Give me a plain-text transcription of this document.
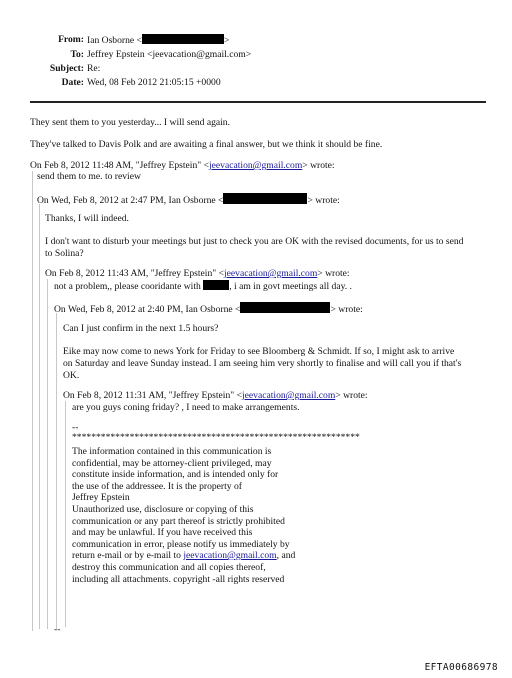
From: Ian Osborne <	>
To: Jeffrey Epstein <jeevacation@gmail.com>
Subject: Re:
Date: Wed, 08 Feb 2012 21:05:15 +0000
They sent them to you yesterday... I will send again.
They've talked to Davis Polk and are awaiting a final answer, but we think it should be fine.
On Feb 8, 2012 11:48 AM, "Jeffrey Epstein" <jeevacation@gmail.com> wrote:
send them to me. to review
On Wed, Feb 8, 2012 at 2:47 PM, Ian Osborne <	> wrote:
Thanks, I will indeed.
I don't want to disturb your meetings but just to check you are OK with the revised documents, for us to send
to Solina?
On Feb 8, 2012 11:43 AM, "Jeffrey Epstein" <jeevacation@gmail.com> wrote:
not a problem,, please cooridante with	, i am in govt meetings all day. .
On Wed, Feb 8, 2012 at 2:40 PM, Ian Osborne <	> wrote:
Can I just confirm in the next 1.5 hours?
Eike may now come to news York for Friday to see Bloomberg & Schmidt. If so, I might ask to arrive
on Saturday and leave Sunday instead. I am seeing him very shortly to finalise and will call you if that's
OK.
On Feb 8, 2012 11:31 AM, "Jeffrey Epstein" <jeevacation@gmail.com> wrote:
are you guys coning friday? , I need to make arrangements.
--
************************************************************
The information contained in this communication is
confidential, may be attorney-client privileged, may
constitute inside information, and is intended only for
the use of the addressee. It is the property of
Jeffrey Epstein
Unauthorized use, disclosure or copying of this
communication or any part thereof is strictly prohibited
and may be unlawful. If you have received this
communication in error, please notify us immediately by
return e-mail or by e-mail to jeevacation@gmail.com, and
destroy this communication and all copies thereof,
including all attachments. copyright -all rights reserved
--
EFTA00686978
